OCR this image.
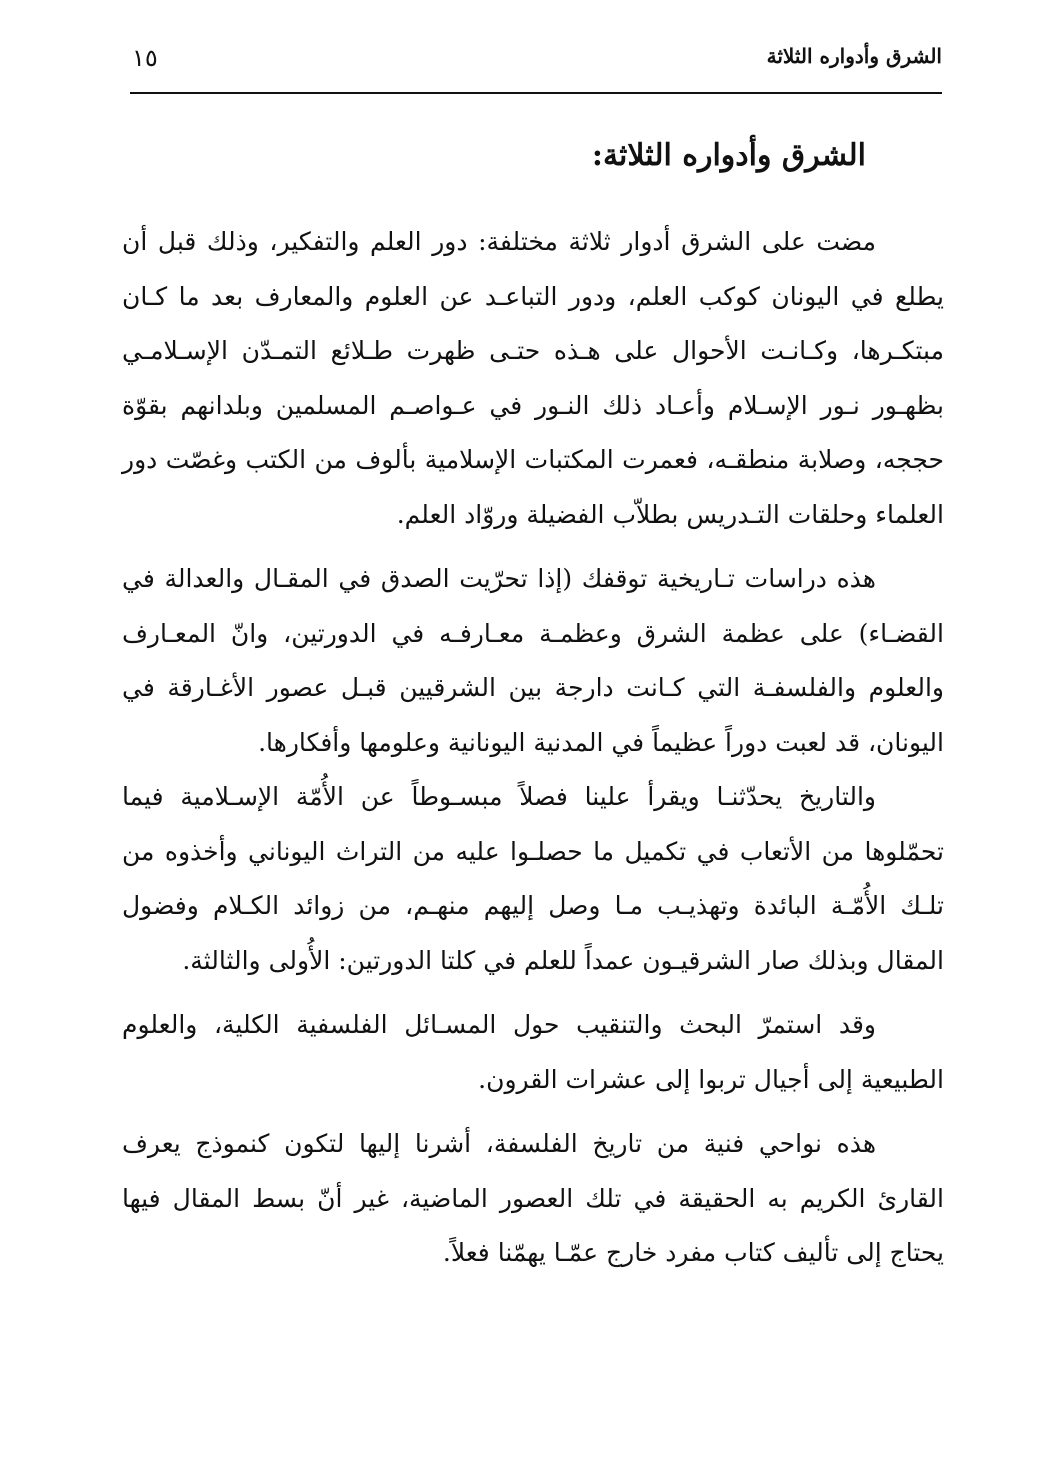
الشرق وأدواره الثلاثة
١٥
الشرق وأدواره الثلاثة:

مضت على الشرق أدوار ثلاثة مختلفة: دور العلم والتفكير، وذلك قبل أن يطلع في اليونان كوكب العلم، ودور التباعـد عن العلوم والمعارف بعد ما كـان مبتكـرها، وكـانـت الأحوال على هـذه حتـى ظهرت طـلائع التمـدّن الإسـلامـي بظهـور نـور الإسـلام وأعـاد ذلك النـور في عـواصـم المسلمين وبلدانهم بقوّة حججه، وصلابة منطقـه، فعمرت المكتبات الإسلامية بألوف من الكتب وغصّت دور العلماء وحلقات التـدريس بطلاّب الفضيلة وروّاد العلم.

هذه دراسات تـاريخية توقفك (إذا تحرّيت الصدق في المقـال والعدالة في القضـاء) على عظمة الشرق وعظمـة معـارفـه في الدورتين، وانّ المعـارف والعلوم والفلسفـة التي كـانت دارجة بين الشرقيين قبـل عصور الأغـارقة في اليونان، قد لعبت دوراً عظيماً في المدنية اليونانية وعلومها وأفكارها.

والتاريخ يحدّثنـا ويقرأ علينا فصلاً مبسـوطاً عن الأُمّة الإسـلامية فيما تحمّلوها من الأتعاب في تكميل ما حصلـوا عليه من التراث اليوناني وأخذوه من تلـك الأُمّـة البائدة وتهذيـب مـا وصل إليهم منهـم، من زوائد الكـلام وفضول المقال وبذلك صار الشرقيـون عمداً للعلم في كلتا الدورتين: الأُولى والثالثة.

وقد استمرّ البحث والتنقيب حول المسـائل الفلسفية الكلية، والعلوم الطبيعية إلى أجيال تربوا إلى عشرات القرون.

هذه نواحي فنية من تاريخ الفلسفة، أشرنا إليها لتكون كنموذج يعرف القارئ الكريم به الحقيقة في تلك العصور الماضية، غير أنّ بسط المقال فيها يحتاج إلى تأليف كتاب مفرد خارج عمّـا يهمّنا فعلاً.
